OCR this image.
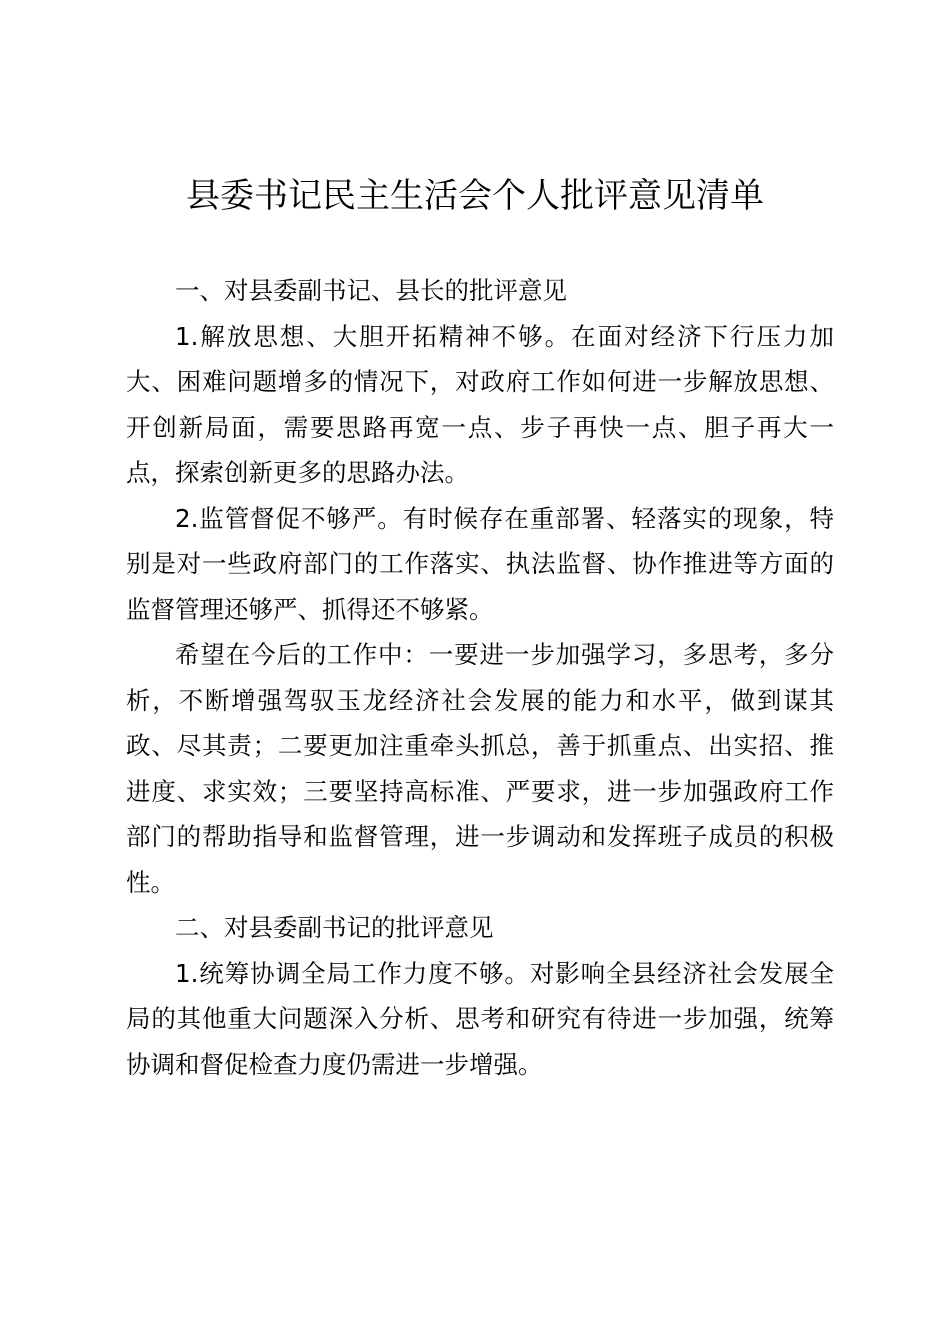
县委书记民主生活会个人批评意见清单

一、对县委副书记、县长的批评意见

1.解放思想、大胆开拓精神不够。在面对经济下行压力加大、困难问题增多的情况下，对政府工作如何进一步解放思想、开创新局面，需要思路再宽一点、步子再快一点、胆子再大一点，探索创新更多的思路办法。

2.监管督促不够严。有时候存在重部署、轻落实的现象，特别是对一些政府部门的工作落实、执法监督、协作推进等方面的监督管理还够严、抓得还不够紧。

希望在今后的工作中：一要进一步加强学习，多思考，多分析，不断增强驾驭玉龙经济社会发展的能力和水平，做到谋其政、尽其责；二要更加注重牵头抓总，善于抓重点、出实招、推进度、求实效；三要坚持高标准、严要求，进一步加强政府工作部门的帮助指导和监督管理，进一步调动和发挥班子成员的积极性。

二、对县委副书记的批评意见

1.统筹协调全局工作力度不够。对影响全县经济社会发展全局的其他重大问题深入分析、思考和研究有待进一步加强，统筹协调和督促检查力度仍需进一步增强。
